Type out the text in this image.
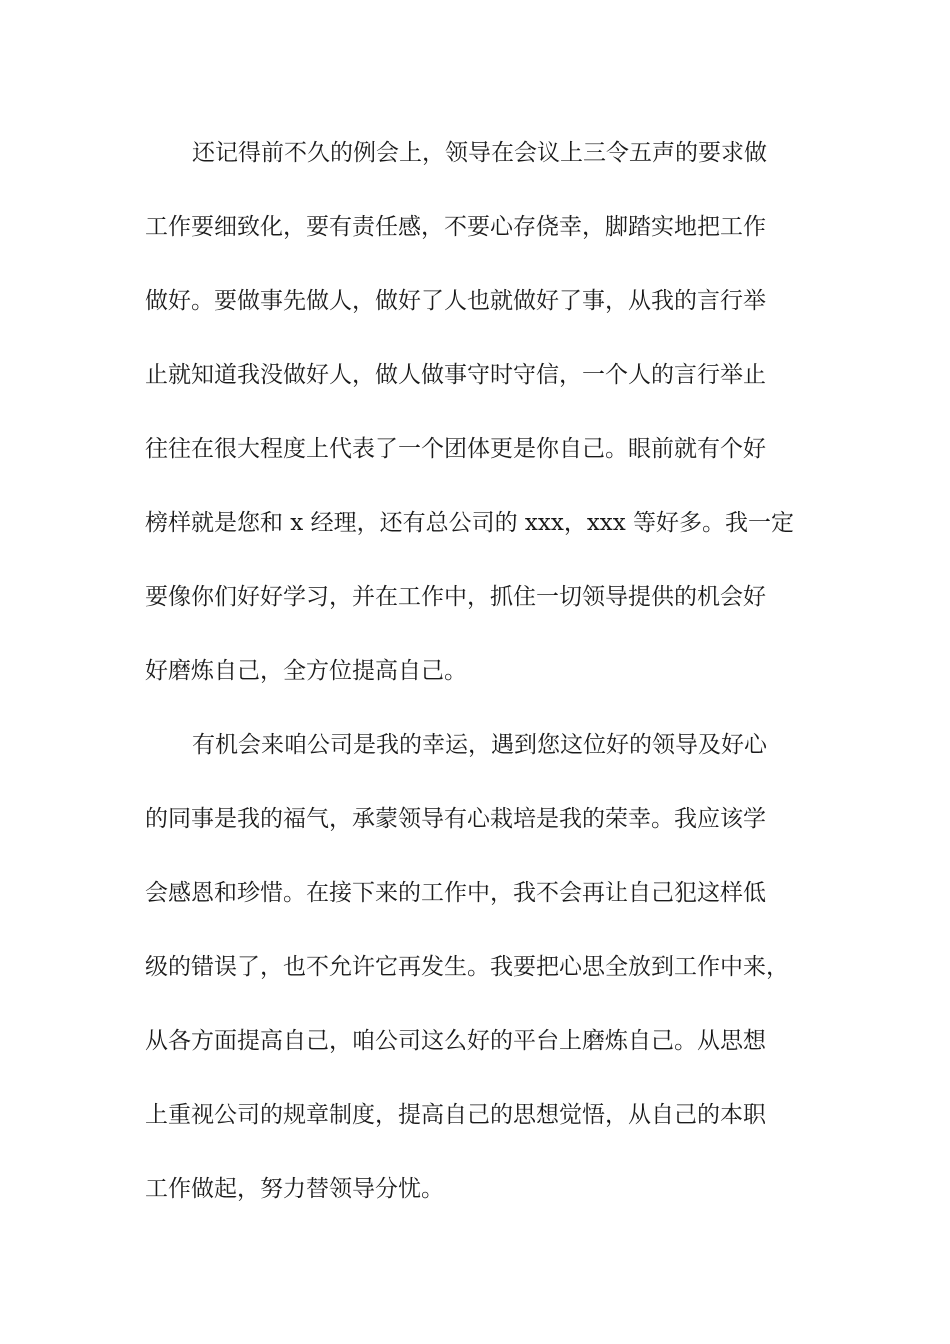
还记得前不久的例会上，领导在会议上三令五声的要求做
工作要细致化，要有责任感，不要心存侥幸，脚踏实地把工作
做好。要做事先做人，做好了人也就做好了事，从我的言行举
止就知道我没做好人，做人做事守时守信，一个人的言行举止
往往在很大程度上代表了一个团体更是你自己。眼前就有个好
榜样就是您和 x 经理，还有总公司的 xxx，xxx 等好多。我一定
要像你们好好学习，并在工作中，抓住一切领导提供的机会好
好磨炼自己，全方位提高自己。
有机会来咱公司是我的幸运，遇到您这位好的领导及好心
的同事是我的福气，承蒙领导有心栽培是我的荣幸。我应该学
会感恩和珍惜。在接下来的工作中，我不会再让自己犯这样低
级的错误了，也不允许它再发生。我要把心思全放到工作中来，
从各方面提高自己，咱公司这么好的平台上磨炼自己。从思想
上重视公司的规章制度，提高自己的思想觉悟，从自己的本职
工作做起，努力替领导分忧。
